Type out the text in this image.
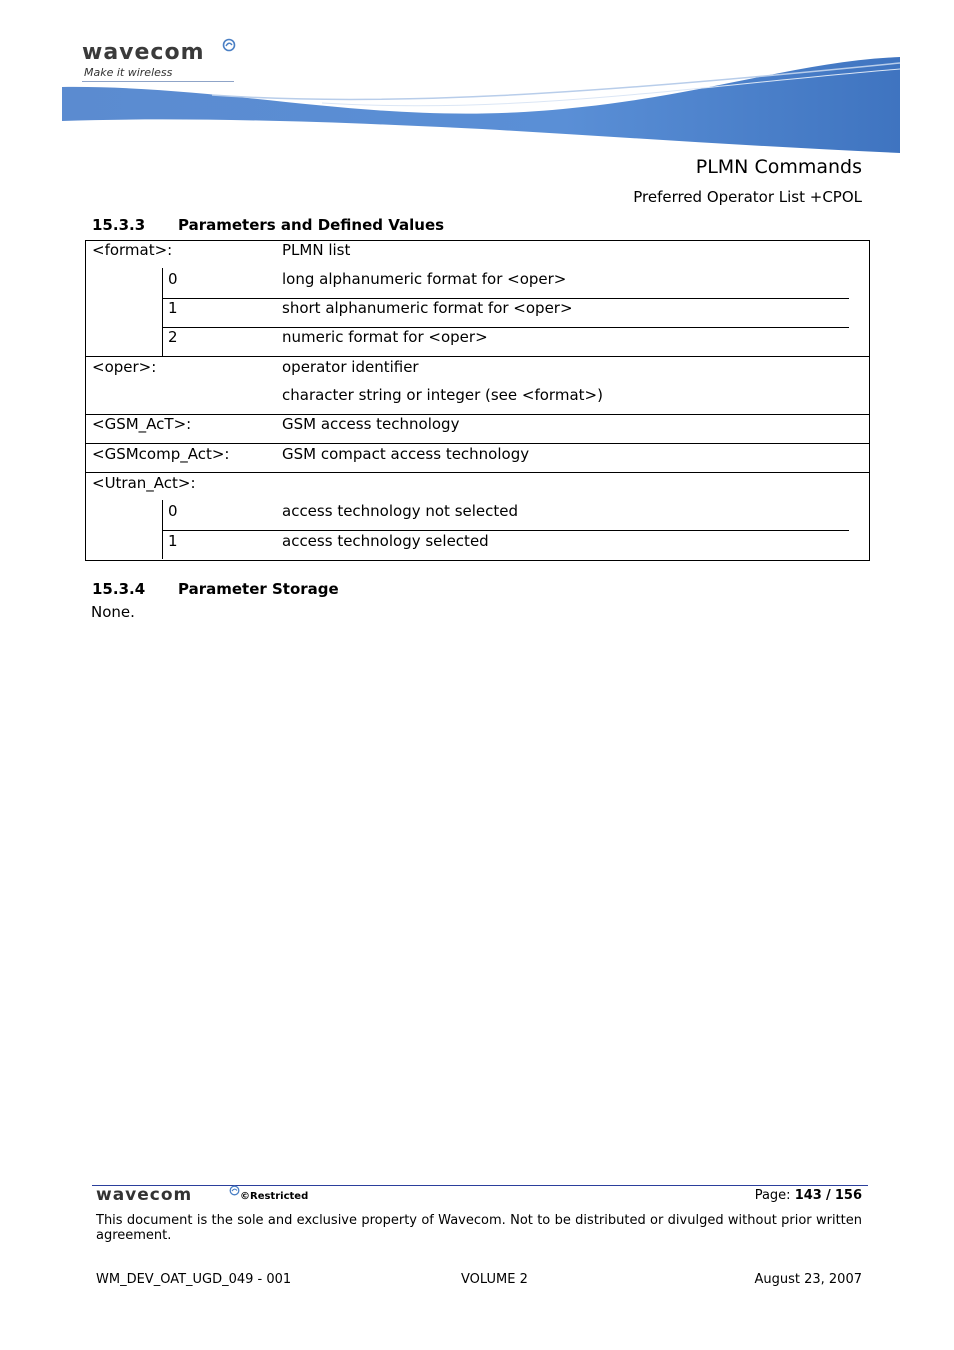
wavecom
Make it wireless
PLMN Commands
Preferred Operator List +CPOL
15.3.3 Parameters and Defined Values
<format>:	PLMN list
0	long alphanumeric format for <oper>
1	short alphanumeric format for <oper>
2	numeric format for <oper>
<oper>:	operator identifier
character string or integer (see <format>)
<GSM_AcT>:	GSM access technology
<GSMcomp_Act>:	GSM compact access technology
<Utran_Act>:
0	access technology not selected
1	access technology selected
15.3.4 Parameter Storage
None.
wavecom	©Restricted	Page: 143 / 156
This document is the sole and exclusive property of Wavecom. Not to be distributed or divulged without prior written agreement.
WM_DEV_OAT_UGD_049 - 001	VOLUME 2	August 23, 2007
